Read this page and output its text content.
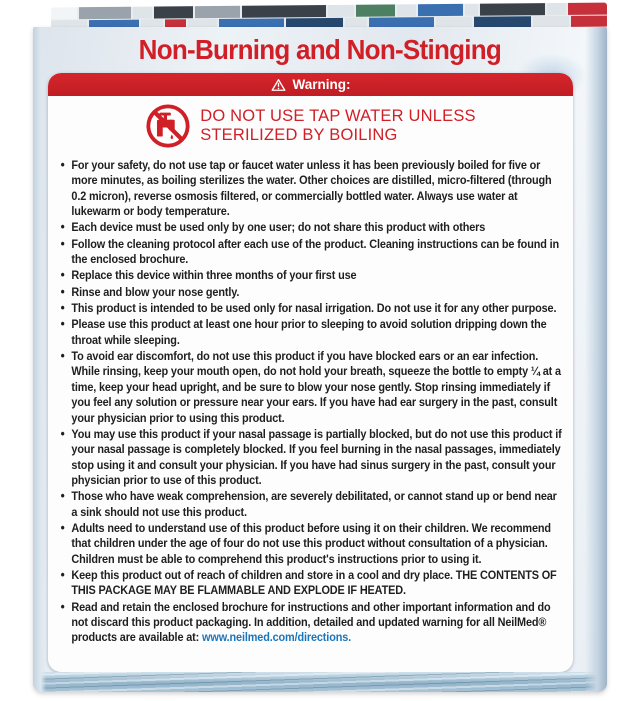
Non-Burning and Non-Stinging
Warning:
DO NOT USE TAP WATER UNLESS
STERILIZED BY BOILING
• For your safety, do not use tap or faucet water unless it has been previously boiled for five or more minutes, as boiling sterilizes the water. Other choices are distilled, micro-filtered (through 0.2 micron), reverse osmosis filtered, or commercially bottled water. Always use water at lukewarm or body temperature.
• Each device must be used only by one user; do not share this product with others
• Follow the cleaning protocol after each use of the product. Cleaning instructions can be found in the enclosed brochure.
• Replace this device within three months of your first use
• Rinse and blow your nose gently.
• This product is intended to be used only for nasal irrigation. Do not use it for any other purpose.
• Please use this product at least one hour prior to sleeping to avoid solution dripping down the throat while sleeping.
• To avoid ear discomfort, do not use this product if you have blocked ears or an ear infection. While rinsing, keep your mouth open, do not hold your breath, squeeze the bottle to empty ¼ at a time, keep your head upright, and be sure to blow your nose gently. Stop rinsing immediately if you feel any solution or pressure near your ears. If you have had ear surgery in the past, consult your physician prior to using this product.
• You may use this product if your nasal passage is partially blocked, but do not use this product if your nasal passage is completely blocked. If you feel burning in the nasal passages, immediately stop using it and consult your physician. If you have had sinus surgery in the past, consult your physician prior to use of this product.
• Those who have weak comprehension, are severely debilitated, or cannot stand up or bend near a sink should not use this product.
• Adults need to understand use of this product before using it on their children. We recommend that children under the age of four do not use this product without consultation of a physician. Children must be able to comprehend this product's instructions prior to using it.
• Keep this product out of reach of children and store in a cool and dry place. THE CONTENTS OF THIS PACKAGE MAY BE FLAMMABLE AND EXPLODE IF HEATED.
• Read and retain the enclosed brochure for instructions and other important information and do not discard this product packaging. In addition, detailed and updated warning for all NeilMed® products are available at: www.neilmed.com/directions.
